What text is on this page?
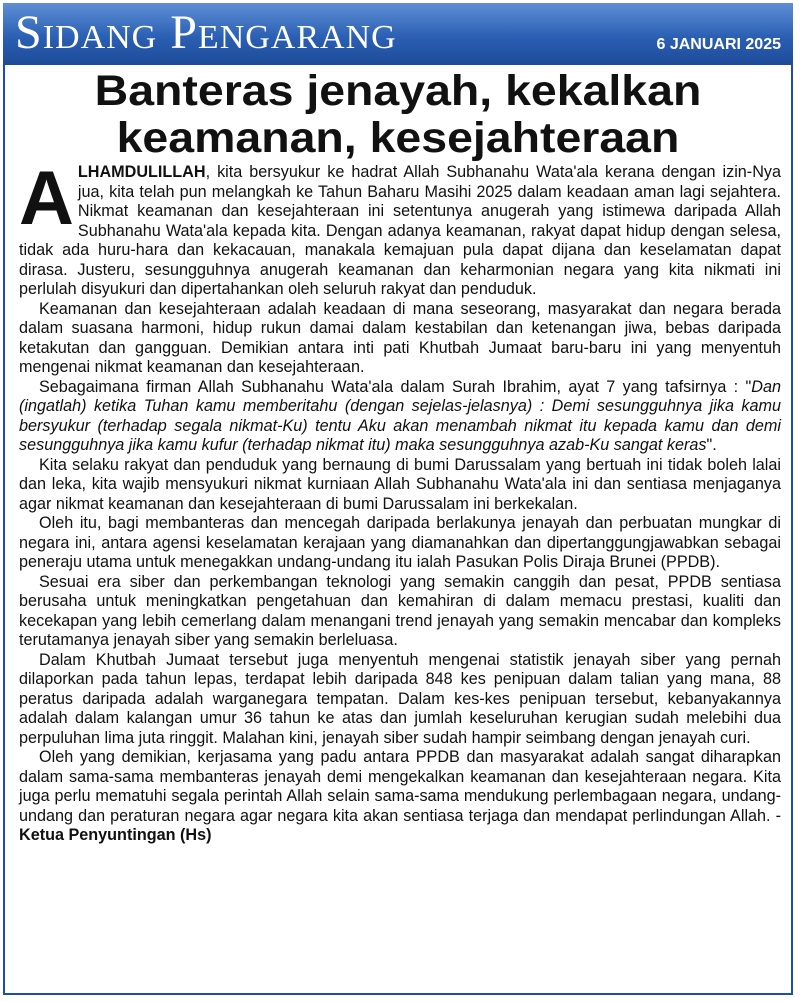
Sidang Pengarang	6 JANUARI 2025
Banteras jenayah, kekalkan
keamanan, kesejahteraan

ALHAMDULILLAH, kita bersyukur ke hadrat Allah Subhanahu Wata'ala kerana dengan izin-Nya jua, kita telah pun melangkah ke Tahun Baharu Masihi 2025 dalam keadaan aman lagi sejahtera. Nikmat keamanan dan kesejahteraan ini setentunya anugerah yang istimewa daripada Allah Subhanahu Wata'ala kepada kita. Dengan adanya keamanan, rakyat dapat hidup dengan selesa, tidak ada huru-hara dan kekacauan, manakala kemajuan pula dapat dijana dan keselamatan dapat dirasa. Justeru, sesungguhnya anugerah keamanan dan keharmonian negara yang kita nikmati ini perlulah disyukuri dan dipertahankan oleh seluruh rakyat dan penduduk.

Keamanan dan kesejahteraan adalah keadaan di mana seseorang, masyarakat dan negara berada dalam suasana harmoni, hidup rukun damai dalam kestabilan dan ketenangan jiwa, bebas daripada ketakutan dan gangguan. Demikian antara inti pati Khutbah Jumaat baru-baru ini yang menyentuh mengenai nikmat keamanan dan kesejahteraan.

Sebagaimana firman Allah Subhanahu Wata'ala dalam Surah Ibrahim, ayat 7 yang tafsirnya : "Dan (ingatlah) ketika Tuhan kamu memberitahu (dengan sejelas-jelasnya) : Demi sesungguhnya jika kamu bersyukur (terhadap segala nikmat-Ku) tentu Aku akan menambah nikmat itu kepada kamu dan demi sesungguhnya jika kamu kufur (terhadap nikmat itu) maka sesungguhnya azab-Ku sangat keras".

Kita selaku rakyat dan penduduk yang bernaung di bumi Darussalam yang bertuah ini tidak boleh lalai dan leka, kita wajib mensyukuri nikmat kurniaan Allah Subhanahu Wata'ala ini dan sentiasa menjaganya agar nikmat keamanan dan kesejahteraan di bumi Darussalam ini berkekalan.

Oleh itu, bagi membanteras dan mencegah daripada berlakunya jenayah dan perbuatan mungkar di negara ini, antara agensi keselamatan kerajaan yang diamanahkan dan dipertanggungjawabkan sebagai peneraju utama untuk menegakkan undang-undang itu ialah Pasukan Polis Diraja Brunei (PPDB).

Sesuai era siber dan perkembangan teknologi yang semakin canggih dan pesat, PPDB sentiasa berusaha untuk meningkatkan pengetahuan dan kemahiran di dalam memacu prestasi, kualiti dan kecekapan yang lebih cemerlang dalam menangani trend jenayah yang semakin mencabar dan kompleks terutamanya jenayah siber yang semakin berleluasa.

Dalam Khutbah Jumaat tersebut juga menyentuh mengenai statistik jenayah siber yang pernah dilaporkan pada tahun lepas, terdapat lebih daripada 848 kes penipuan dalam talian yang mana, 88 peratus daripada adalah warganegara tempatan. Dalam kes-kes penipuan tersebut, kebanyakannya adalah dalam kalangan umur 36 tahun ke atas dan jumlah keseluruhan kerugian sudah melebihi dua perpuluhan lima juta ringgit. Malahan kini, jenayah siber sudah hampir seimbang dengan jenayah curi.

Oleh yang demikian, kerjasama yang padu antara PPDB dan masyarakat adalah sangat diharapkan dalam sama-sama membanteras jenayah demi mengekalkan keamanan dan kesejahteraan negara. Kita juga perlu mematuhi segala perintah Allah selain sama-sama mendukung perlembagaan negara, undang-undang dan peraturan negara agar negara kita akan sentiasa terjaga dan mendapat perlindungan Allah. - Ketua Penyuntingan (Hs)
